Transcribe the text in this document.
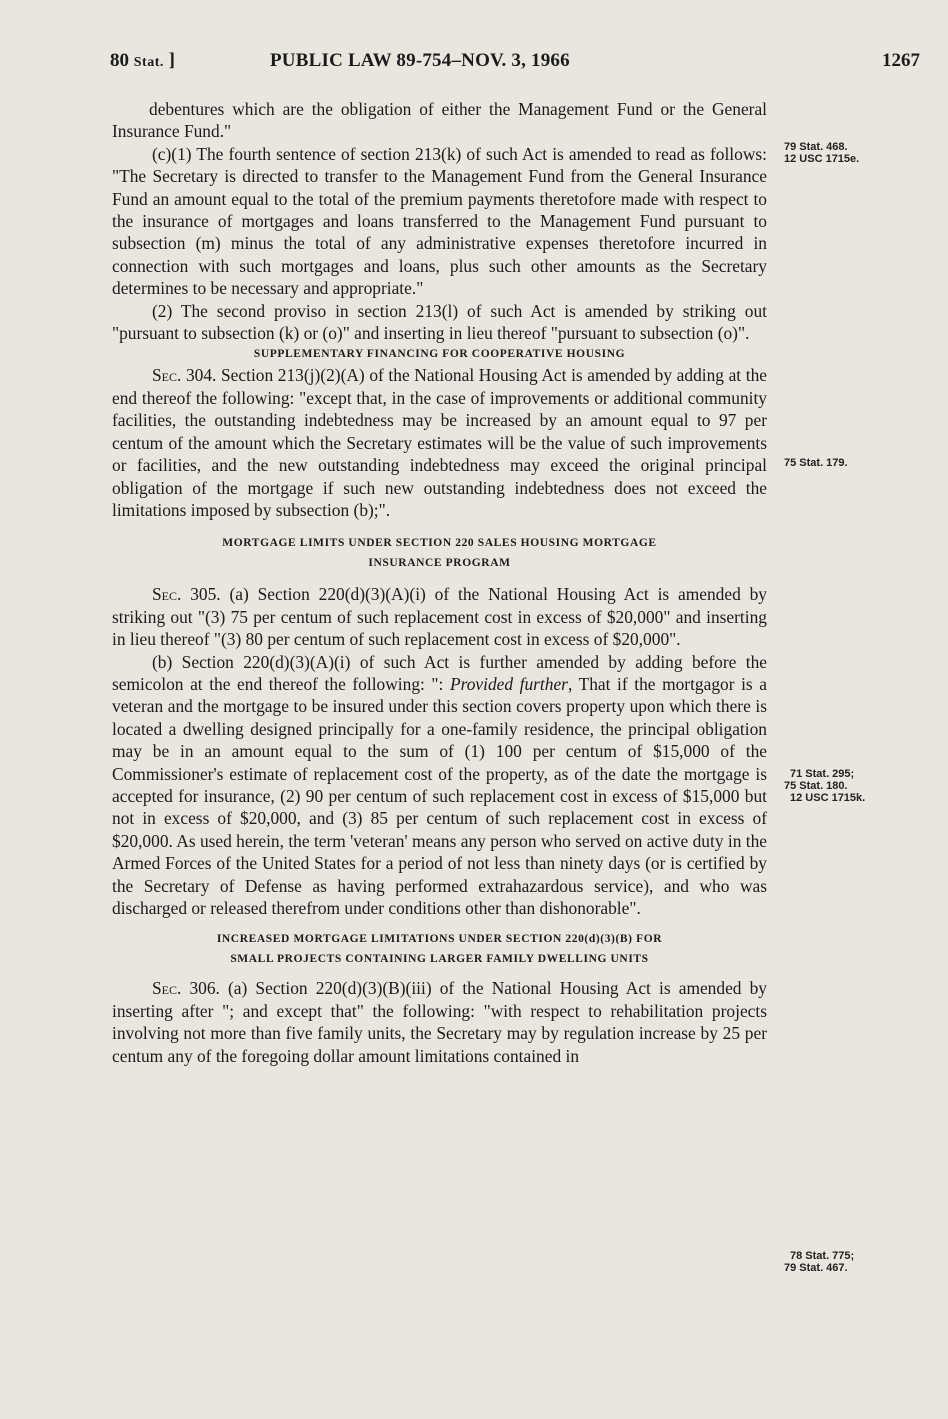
80 Stat. ]	PUBLIC LAW 89-754–NOV. 3, 1966	1267

debentures which are the obligation of either the Management Fund or the General Insurance Fund."

(c)(1) The fourth sentence of section 213(k) of such Act is amended to read as follows: "The Secretary is directed to transfer to the Management Fund from the General Insurance Fund an amount equal to the total of the premium payments theretofore made with respect to the insurance of mortgages and loans transferred to the Management Fund pursuant to subsection (m) minus the total of any administrative expenses theretofore incurred in connection with such mortgages and loans, plus such other amounts as the Secretary determines to be necessary and appropriate."

(2) The second proviso in section 213(l) of such Act is amended by striking out "pursuant to subsection (k) or (o)" and inserting in lieu thereof "pursuant to subsection (o)".

SUPPLEMENTARY FINANCING FOR COOPERATIVE HOUSING

Sec. 304. Section 213(j)(2)(A) of the National Housing Act is amended by adding at the end thereof the following: "except that, in the case of improvements or additional community facilities, the outstanding indebtedness may be increased by an amount equal to 97 per centum of the amount which the Secretary estimates will be the value of such improvements or facilities, and the new outstanding indebtedness may exceed the original principal obligation of the mortgage if such new outstanding indebtedness does not exceed the limitations imposed by subsection (b);".

MORTGAGE LIMITS UNDER SECTION 220 SALES HOUSING MORTGAGE
INSURANCE PROGRAM

Sec. 305. (a) Section 220(d)(3)(A)(i) of the National Housing Act is amended by striking out "(3) 75 per centum of such replacement cost in excess of $20,000" and inserting in lieu thereof "(3) 80 per centum of such replacement cost in excess of $20,000".

(b) Section 220(d)(3)(A)(i) of such Act is further amended by adding before the semicolon at the end thereof the following: ": Provided further, That if the mortgagor is a veteran and the mortgage to be insured under this section covers property upon which there is located a dwelling designed principally for a one-family residence, the principal obligation may be in an amount equal to the sum of (1) 100 per centum of $15,000 of the Commissioner's estimate of replacement cost of the property, as of the date the mortgage is accepted for insurance, (2) 90 per centum of such replacement cost in excess of $15,000 but not in excess of $20,000, and (3) 85 per centum of such replacement cost in excess of $20,000. As used herein, the term 'veteran' means any person who served on active duty in the Armed Forces of the United States for a period of not less than ninety days (or is certified by the Secretary of Defense as having performed extrahazardous service), and who was discharged or released therefrom under conditions other than dishonorable".

INCREASED MORTGAGE LIMITATIONS UNDER SECTION 220(d)(3)(B) FOR
SMALL PROJECTS CONTAINING LARGER FAMILY DWELLING UNITS

Sec. 306. (a) Section 220(d)(3)(B)(iii) of the National Housing Act is amended by inserting after "; and except that" the following: "with respect to rehabilitation projects involving not more than five family units, the Secretary may by regulation increase by 25 per centum any of the foregoing dollar amount limitations contained in

79 Stat. 468.
12 USC 1715e.
75 Stat. 179.
71 Stat. 295;
75 Stat. 180.
12 USC 1715k.
78 Stat. 775;
79 Stat. 467.
